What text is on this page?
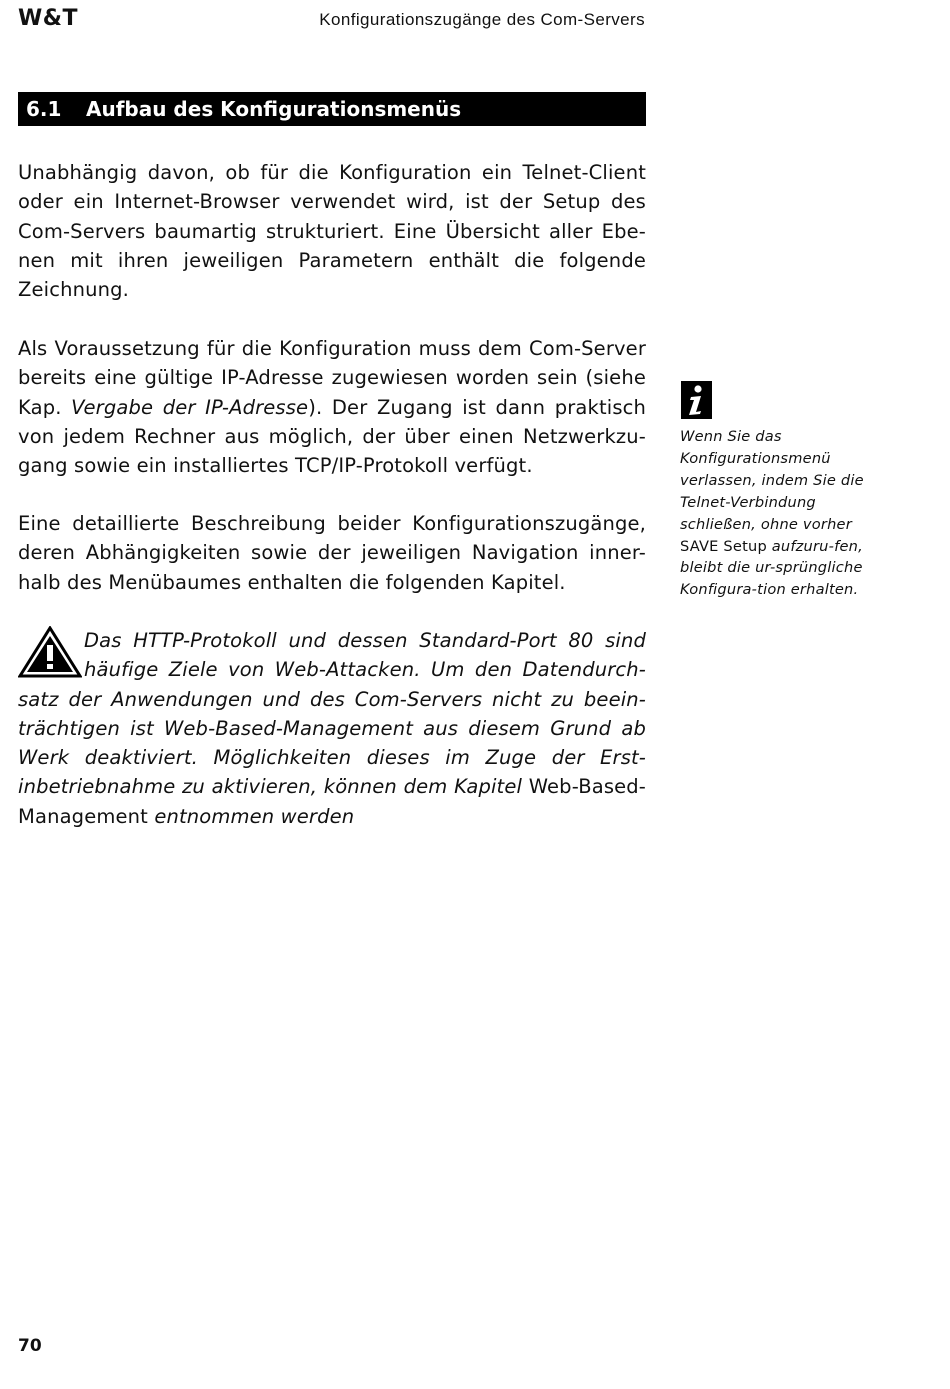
W&T	Konfigurationszugänge des Com-Servers
6.1 Aufbau des Konfigurationsmenüs

Unabhängig davon, ob für die Konfiguration ein Telnet-Client oder ein Internet-Browser verwendet wird, ist der Setup des Com-Servers baumartig strukturiert. Eine Übersicht aller Ebe-nen mit ihren jeweiligen Parametern enthält die folgende Zeichnung.

Als Voraussetzung für die Konfiguration muss dem Com-Server bereits eine gültige IP-Adresse zugewiesen worden sein (siehe Kap. Vergabe der IP-Adresse). Der Zugang ist dann praktisch von jedem Rechner aus möglich, der über einen Netzwerkzu-gang sowie ein installiertes TCP/IP-Protokoll verfügt.

Eine detaillierte Beschreibung beider Konfigurationszugänge, deren Abhängigkeiten sowie der jeweiligen Navigation inner-halb des Menübaumes enthalten die folgenden Kapitel.

Das HTTP-Protokoll und dessen Standard-Port 80 sind häufige Ziele von Web-Attacken. Um den Datendurch-satz der Anwendungen und des Com-Servers nicht zu beein-trächtigen ist Web-Based-Management aus diesem Grund ab Werk deaktiviert. Möglichkeiten dieses im Zuge der Erst-inbetriebnahme zu aktivieren, können dem Kapitel Web-Based-Management entnommen werden

Wenn Sie das Konfigurationsmenü verlassen, indem Sie die Telnet-Verbindung schließen, ohne vorher SAVE Setup aufzuru-fen, bleibt die ur-sprüngliche Konfigura-tion erhalten.
70
